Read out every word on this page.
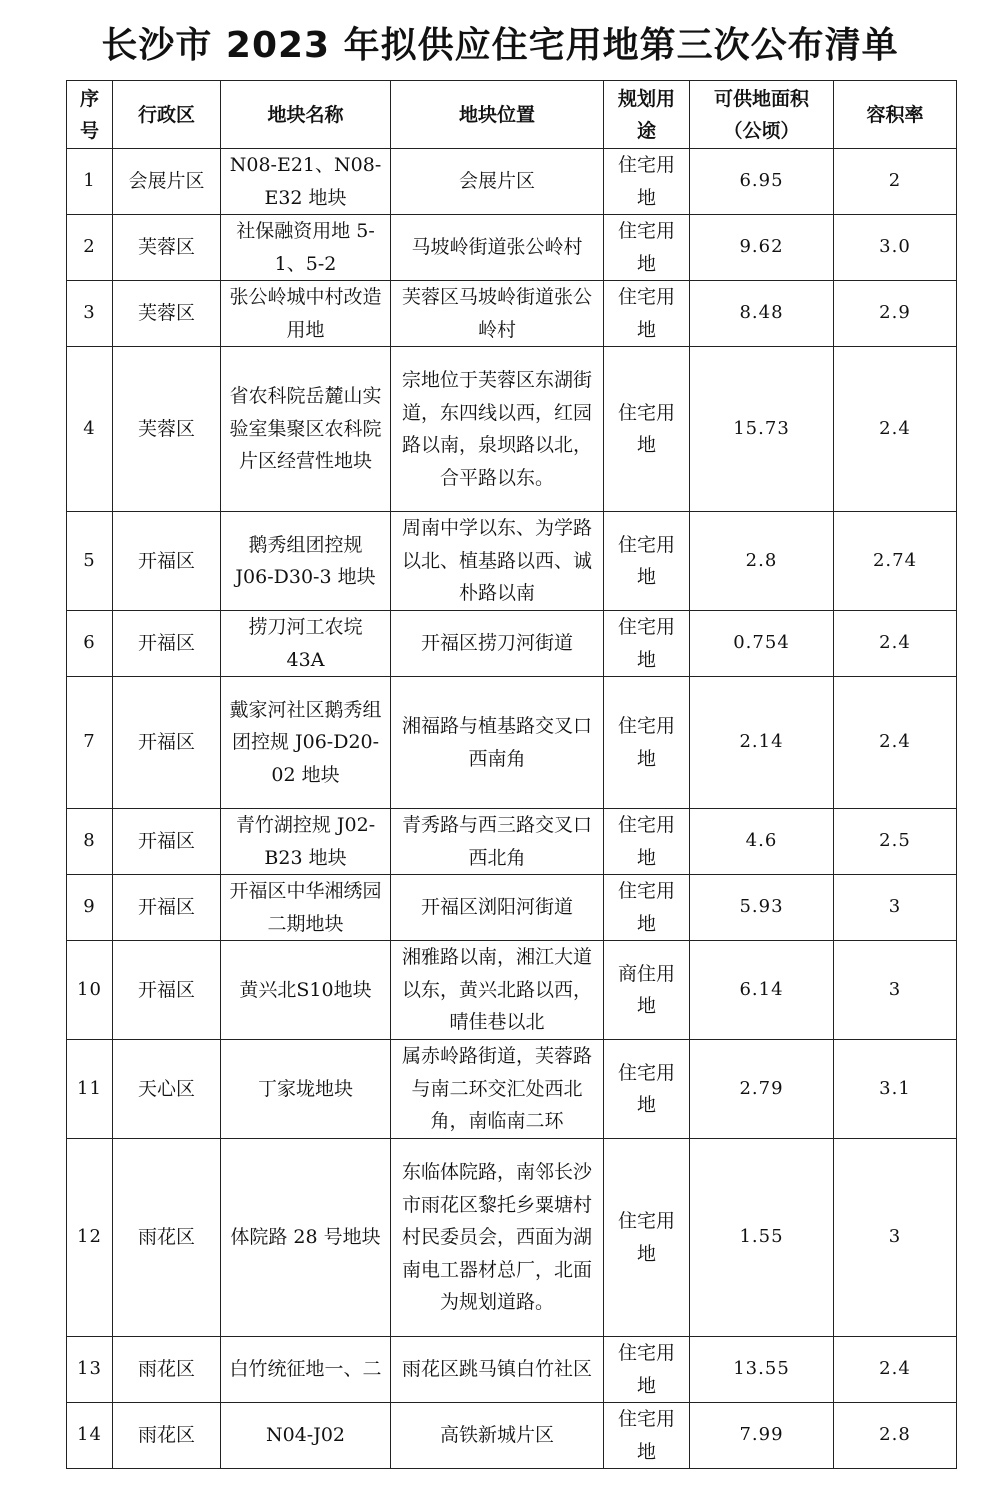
长沙市 2023 年拟供应住宅用地第三次公布清单
序号	行政区	地块名称	地块位置	规划用途	可供地面积（公顷）	容积率
1	会展片区	N08-E21、N08-E32 地块	会展片区	住宅用地	6.95	2
2	芙蓉区	社保融资用地 5-1、5-2	马坡岭街道张公岭村	住宅用地	9.62	3.0
3	芙蓉区	张公岭城中村改造用地	芙蓉区马坡岭街道张公岭村	住宅用地	8.48	2.9
4	芙蓉区	省农科院岳麓山实验室集聚区农科院片区经营性地块	宗地位于芙蓉区东湖街道，东四线以西，红园路以南，泉坝路以北，合平路以东。	住宅用地	15.73	2.4
5	开福区	鹅秀组团控规 J06-D30-3 地块	周南中学以东、为学路以北、植基路以西、诚朴路以南	住宅用地	2.8	2.74
6	开福区	捞刀河工农垸 43A	开福区捞刀河街道	住宅用地	0.754	2.4
7	开福区	戴家河社区鹅秀组团控规 J06-D20-02 地块	湘福路与植基路交叉口西南角	住宅用地	2.14	2.4
8	开福区	青竹湖控规 J02-B23 地块	青秀路与西三路交叉口西北角	住宅用地	4.6	2.5
9	开福区	开福区中华湘绣园二期地块	开福区浏阳河街道	住宅用地	5.93	3
10	开福区	黄兴北S10地块	湘雅路以南，湘江大道以东，黄兴北路以西，晴佳巷以北	商住用地	6.14	3
11	天心区	丁家垅地块	属赤岭路街道，芙蓉路与南二环交汇处西北角，南临南二环	住宅用地	2.79	3.1
12	雨花区	体院路 28 号地块	东临体院路，南邻长沙市雨花区黎托乡粟塘村村民委员会，西面为湖南电工器材总厂，北面为规划道路。	住宅用地	1.55	3
13	雨花区	白竹统征地一、二	雨花区跳马镇白竹社区	住宅用地	13.55	2.4
14	雨花区	N04-J02	高铁新城片区	住宅用地	7.99	2.8
